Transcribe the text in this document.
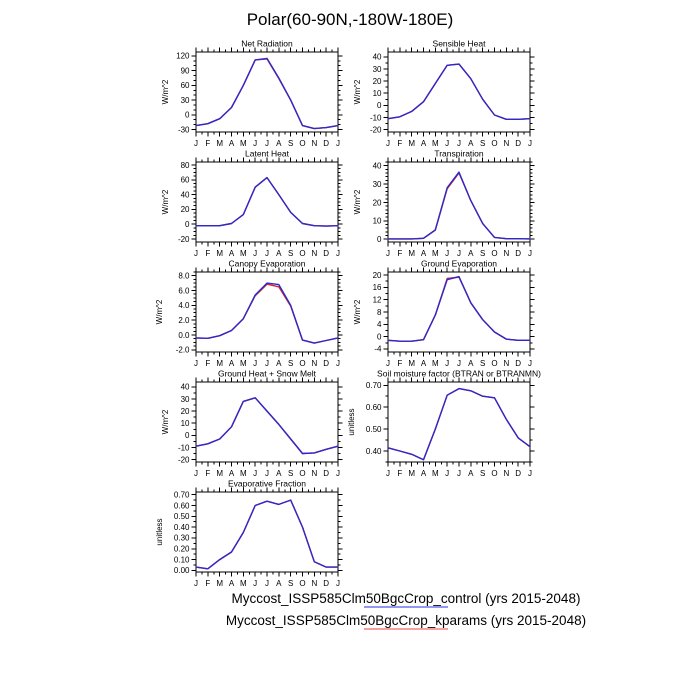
Polar(60-90N,-180W-180E)
J F M A M J J A S O N D J
-30
0
30
60
90
120
Net Radiation
W/m^2
J F M A M J J A S O N D J
-20
-10
0
10
20
30
40
Sensible Heat
W/m^2
J F M A M J J A S O N D J
-20
0
20
40
60
80
Latent Heat
W/m^2
J F M A M J J A S O N D J
0
10
20
30
40
Transpiration
W/m^2
J F M A M J J A S O N D J
-2.0
0.0
2.0
4.0
6.0
8.0
Canopy Evaporation
W/m^2
J F M A M J J A S O N D J
-4
0
4
8
12
16
20
Ground Evaporation
W/m^2
J F M A M J J A S O N D J
-20
-10
0
10
20
30
40
Ground Heat + Snow Melt
W/m^2
J F M A M J J A S O N D J
0.40
0.50
0.60
0.70
Soil moisture factor (BTRAN or BTRANMN)
unitless
J F M A M J J A S O N D J
0.00
0.10
0.20
0.30
0.40
0.50
0.60
0.70
Evaporative Fraction
unitless
Myccost_ISSP585Clm50BgcCrop_control (yrs 2015-2048)
Myccost_ISSP585Clm50BgcCrop_kparams (yrs 2015-2048)
